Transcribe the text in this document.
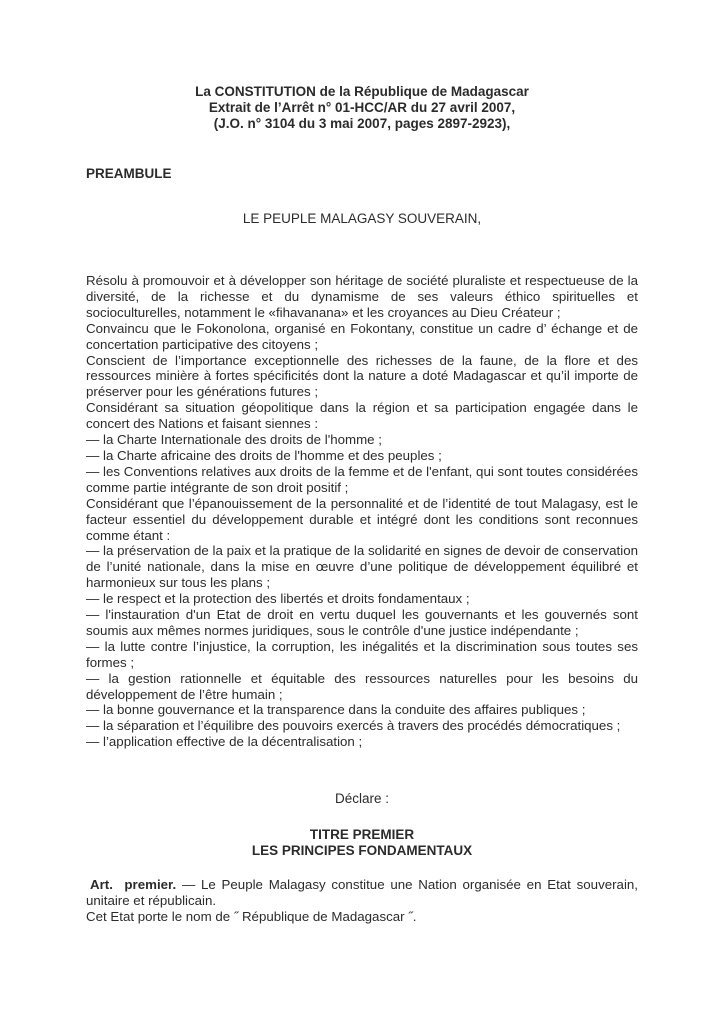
La CONSTITUTION de la République de Madagascar
Extrait de l’Arrêt n° 01-HCC/AR du 27 avril 2007,
(J.O. n° 3104 du 3 mai 2007, pages 2897-2923),
PREAMBULE
LE PEUPLE MALAGASY SOUVERAIN,

Résolu à promouvoir et à développer son héritage de société pluraliste et respectueuse de la diversité, de la richesse et du dynamisme de ses valeurs éthico spirituelles et socioculturelles, notamment le «fihavanana» et les croyances au Dieu Créateur ;

Convaincu que le Fokonolona, organisé en Fokontany, constitue un cadre d’ échange et de concertation participative des citoyens ;

Conscient de l’importance exceptionnelle des richesses de la faune, de la flore et des ressources minière à fortes spécificités dont la nature a doté Madagascar et qu’il importe de préserver pour les générations futures ;

Considérant sa situation géopolitique dans la région et sa participation engagée dans le concert des Nations et faisant siennes :

— la Charte Internationale des droits de l'homme ;

— la Charte africaine des droits de l'homme et des peuples ;

— les Conventions relatives aux droits de la femme et de l'enfant, qui sont toutes considérées comme partie intégrante de son droit positif ;

Considérant que l’épanouissement de la personnalité et de l’identité de tout Malagasy, est le facteur essentiel du développement durable et intégré dont les conditions sont reconnues comme étant :

— la préservation de la paix et la pratique de la solidarité en signes de devoir de conservation de l’unité nationale, dans la mise en œuvre d’une politique de développement équilibré et harmonieux sur tous les plans ;

— le respect et la protection des libertés et droits fondamentaux ;

— l'instauration d'un Etat de droit en vertu duquel les gouvernants et les gouvernés sont soumis aux mêmes normes juridiques, sous le contrôle d'une justice indépendante ;

— la lutte contre l’injustice, la corruption, les inégalités et la discrimination sous toutes ses formes ;

— la gestion rationnelle et équitable des ressources naturelles pour les besoins du développement de l’être humain ;

— la bonne gouvernance et la transparence dans la conduite des affaires publiques ;

— la séparation et l’équilibre des pouvoirs exercés à travers des procédés démocratiques ;

— l’application effective de la décentralisation ;

Déclare :
TITRE PREMIER
LES PRINCIPES FONDAMENTAUX

Art.  premier. — Le Peuple Malagasy constitue une Nation organisée en Etat souverain, unitaire et républicain.

Cet Etat porte le nom de ˝ République de Madagascar ˝.
